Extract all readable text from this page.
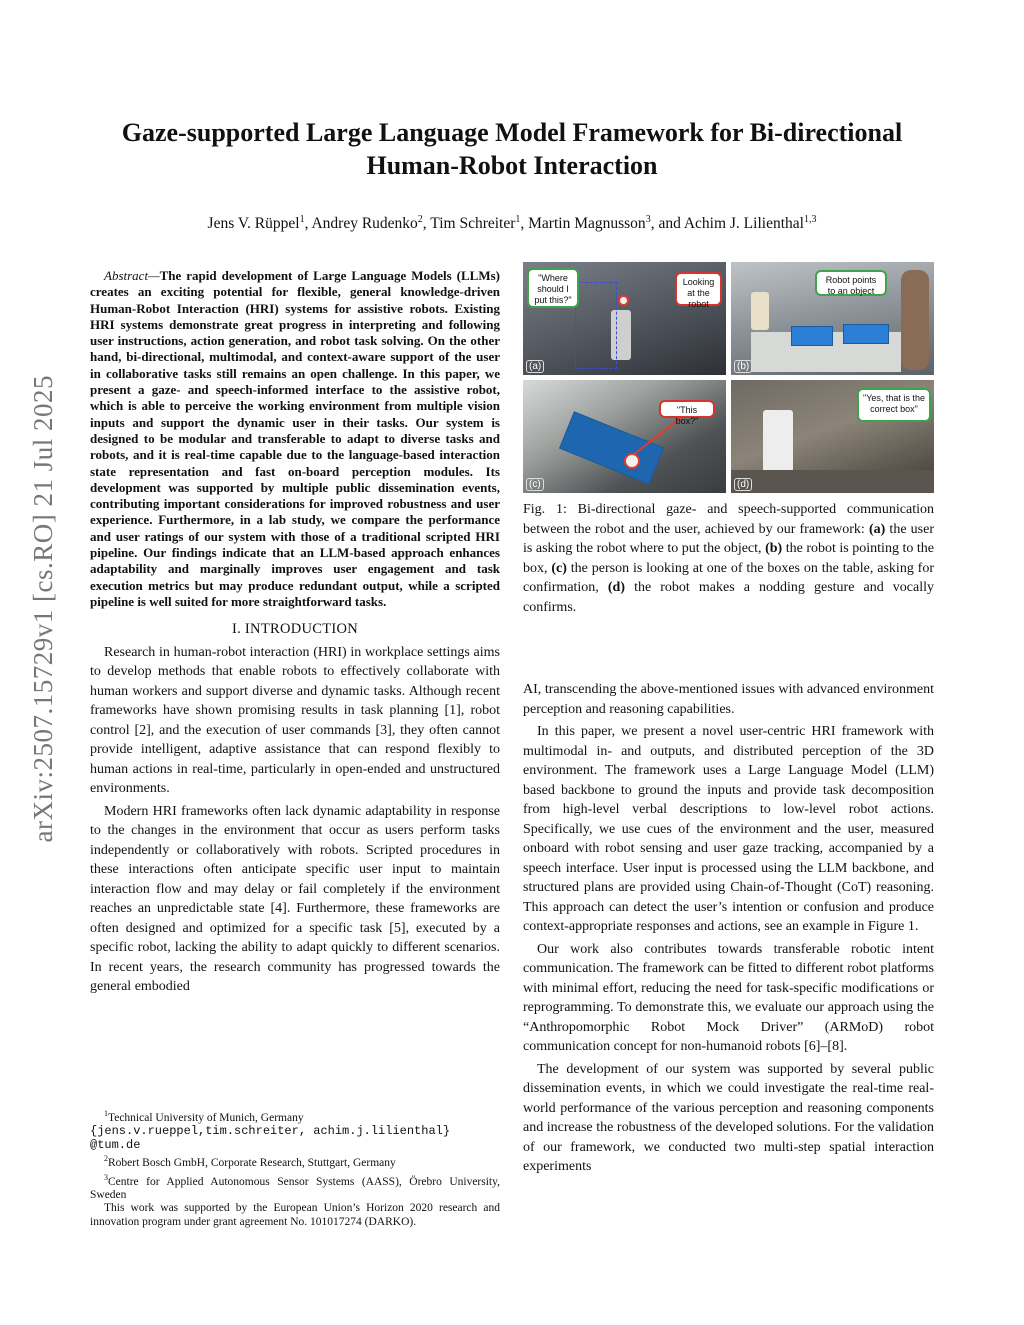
arXiv:2507.15729v1 [cs.RO] 21 Jul 2025
Gaze-supported Large Language Model Framework for Bi-directional
Human-Robot Interaction
Jens V. Rüppel$^1$, Andrey Rudenko$^2$, Tim Schreiter$^1$, Martin Magnusson$^3$, and Achim J. Lilienthal$^{1,3}$

Abstract—The rapid development of Large Language Models (LLMs) creates an exciting potential for flexible, general knowledge-driven Human-Robot Interaction (HRI) systems for assistive robots. Existing HRI systems demonstrate great progress in interpreting and following user instructions, action generation, and robot task solving. On the other hand, bi-directional, multimodal, and context-aware support of the user in collaborative tasks still remains an open challenge. In this paper, we present a gaze- and speech-informed interface to the assistive robot, which is able to perceive the working environment from multiple vision inputs and support the dynamic user in their tasks. Our system is designed to be modular and transferable to adapt to diverse tasks and robots, and it is real-time capable due to the language-based interaction state representation and fast on-board perception modules. Its development was supported by multiple public dissemination events, contributing important considerations for improved robustness and user experience. Furthermore, in a lab study, we compare the performance and user ratings of our system with those of a traditional scripted HRI pipeline. Our findings indicate that an LLM-based approach enhances adaptability and marginally improves user engagement and task execution metrics but may produce redundant output, while a scripted pipeline is well suited for more straightforward tasks.

I. INTRODUCTION

Research in human-robot interaction (HRI) in workplace settings aims to develop methods that enable robots to effectively collaborate with human workers and support diverse and dynamic tasks. Although recent frameworks have shown promising results in task planning [1], robot control [2], and the execution of user commands [3], they often cannot provide intelligent, adaptive assistance that can respond flexibly to human actions in real-time, particularly in open-ended and unstructured environments.

Modern HRI frameworks often lack dynamic adaptability in response to the changes in the environment that occur as users perform tasks independently or collaboratively with robots. Scripted procedures in these interactions often anticipate specific user input to maintain interaction flow and may delay or fail completely if the environment reaches an unpredictable state [4]. Furthermore, these frameworks are often designed and optimized for a specific task [5], executed by a specific robot, lacking the ability to adapt quickly to different scenarios. In recent years, the research community has progressed towards the general embodied

$^1$Technical University of Munich, Germany

{jens.v.rueppel,tim.schreiter, achim.j.lilienthal} @tum.de

$^2$Robert Bosch GmbH, Corporate Research, Stuttgart, Germany

$^3$Centre for Applied Autonomous Sensor Systems (AASS), Örebro University, Sweden

This work was supported by the European Union’s Horizon 2020 research and innovation program under grant agreement No. 101017274 (DARKO).

"Where should I put this?"
Looking at the robot
(a)
Robot points to an object
(b)
"This box?"
(c)
"Yes, that is the correct box"
(d)
Fig. 1: Bi-directional gaze- and speech-supported communication between the robot and the user, achieved by our framework: (a) the user is asking the robot where to put the object, (b) the robot is pointing to the box, (c) the person is looking at one of the boxes on the table, asking for confirmation, (d) the robot makes a nodding gesture and vocally confirms.

AI, transcending the above-mentioned issues with advanced environment perception and reasoning capabilities.

In this paper, we present a novel user-centric HRI framework with multimodal in- and outputs, and distributed perception of the 3D environment. The framework uses a Large Language Model (LLM) based backbone to ground the inputs and provide task decomposition from high-level verbal descriptions to low-level robot actions. Specifically, we use cues of the environment and the user, measured onboard with robot sensing and user gaze tracking, accompanied by a speech interface. User input is processed using the LLM backbone, and structured plans are provided using Chain-of-Thought (CoT) reasoning. This approach can detect the user’s intention or confusion and produce context-appropriate responses and actions, see an example in Figure 1.

Our work also contributes towards transferable robotic intent communication. The framework can be fitted to different robot platforms with minimal effort, reducing the need for task-specific modifications or reprogramming. To demonstrate this, we evaluate our approach using the “Anthropomorphic Robot Mock Driver” (ARMoD) robot communication concept for non-humanoid robots [6]–[8].

The development of our system was supported by several public dissemination events, in which we could investigate the real-time real-world performance of the various perception and reasoning components and increase the robustness of the developed solutions. For the validation of our framework, we conducted two multi-step spatial interaction experiments
